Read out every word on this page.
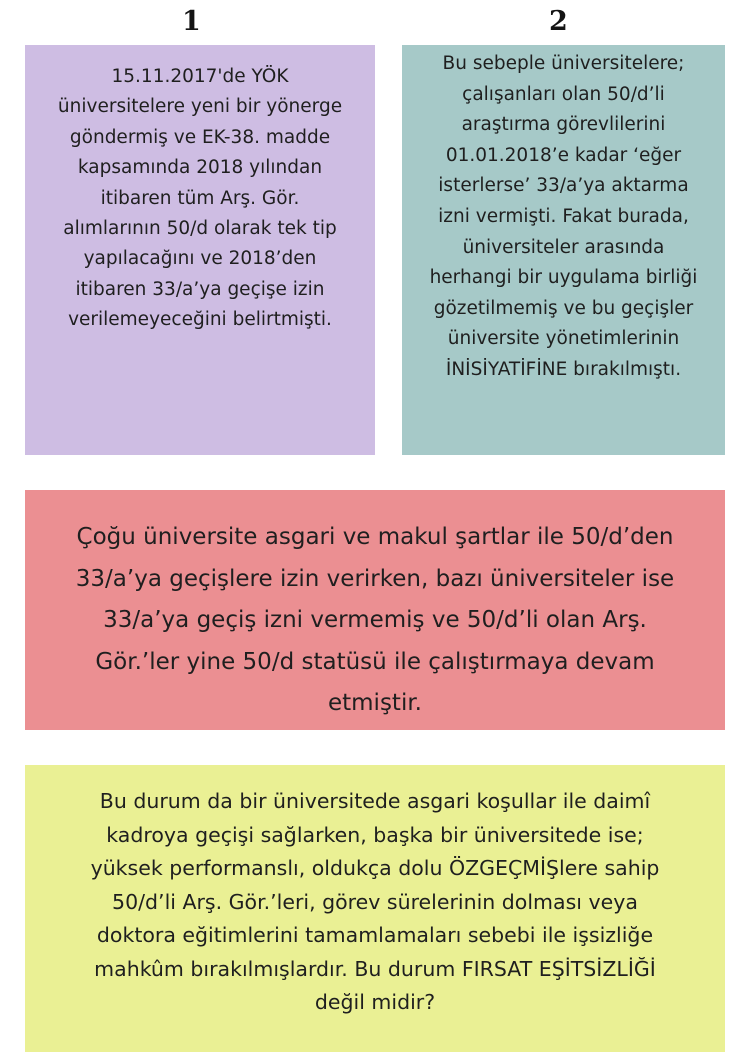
1	2

15.11.2017'de YÖK
üniversitelere yeni bir yönerge
göndermiş ve EK-38. madde
kapsamında 2018 yılından
itibaren tüm Arş. Gör.
alımlarının 50/d olarak tek tip
yapılacağını ve 2018’den
itibaren 33/a’ya geçişe izin
verilemeyeceğini belirtmişti.

Bu sebeple üniversitelere;
çalışanları olan 50/d’li
araştırma görevlilerini
01.01.2018’e kadar ‘eğer
isterlerse’ 33/a’ya aktarma
izni vermişti. Fakat burada,
üniversiteler arasında
herhangi bir uygulama birliği
gözetilmemiş ve bu geçişler
üniversite yönetimlerinin
İNİSİYATİFİNE bırakılmıştı.

Çoğu üniversite asgari ve makul şartlar ile 50/d’den
33/a’ya geçişlere izin verirken, bazı üniversiteler ise
33/a’ya geçiş izni vermemiş ve 50/d’li olan Arş.
Gör.’ler yine 50/d statüsü ile çalıştırmaya devam
etmiştir.

Bu durum da bir üniversitede asgari koşullar ile daimî
kadroya geçişi sağlarken, başka bir üniversitede ise;
yüksek performanslı, oldukça dolu ÖZGEÇMİŞlere sahip
50/d’li Arş. Gör.’leri, görev sürelerinin dolması veya
doktora eğitimlerini tamamlamaları sebebi ile işsizliğe
mahkûm bırakılmışlardır. Bu durum FIRSAT EŞİTSİZLİĞİ
değil midir?
